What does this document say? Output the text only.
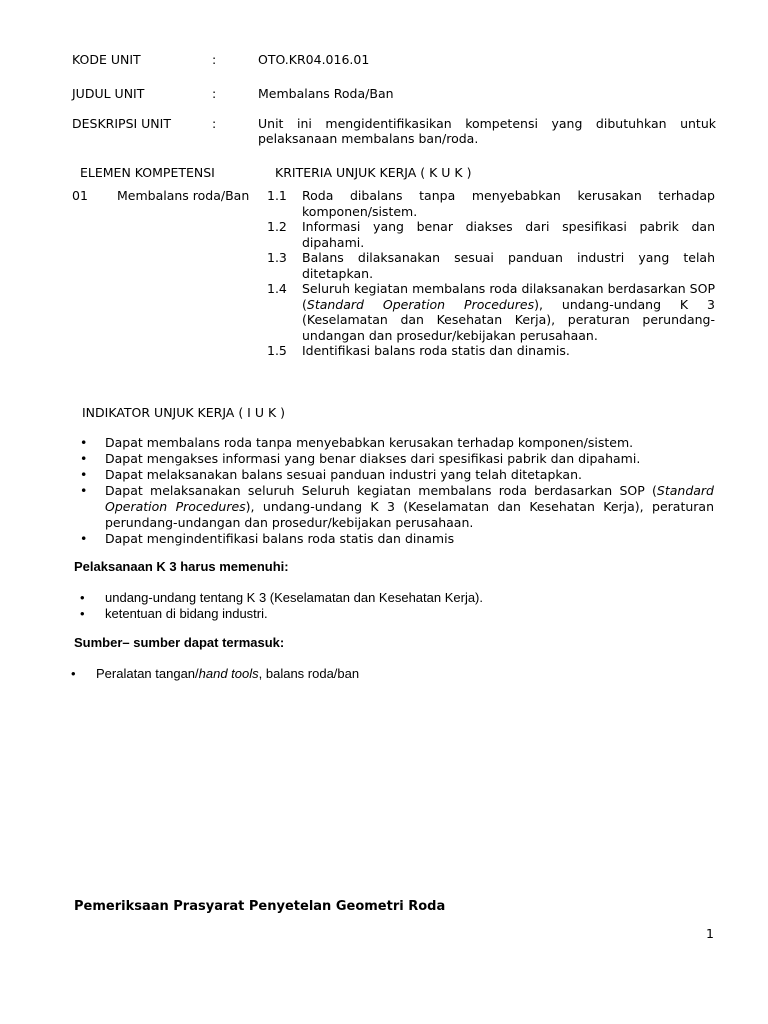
KODE UNIT	:	OTO.KR04.016.01
JUDUL UNIT	:	Membalans Roda/Ban
DESKRIPSI UNIT	:	Unit ini mengidentifikasikan kompetensi yang dibutuhkan untuk pelaksanaan membalans ban/roda.
ELEMEN KOMPETENSI	KRITERIA UNJUK KERJA ( K U K )
01 Membalans roda/Ban 1.1 Roda dibalans tanpa menyebabkan kerusakan terhadap komponen/sistem.
1.2 Informasi yang benar diakses dari spesifikasi pabrik dan dipahami.
1.3 Balans dilaksanakan sesuai panduan industri yang telah ditetapkan.
1.4 Seluruh kegiatan membalans roda dilaksanakan berdasarkan SOP (Standard Operation Procedures), undang-undang K 3 (Keselamatan dan Kesehatan Kerja), peraturan perundang-undangan dan prosedur/kebijakan perusahaan.
1.5 Identifikasi balans roda statis dan dinamis.
INDIKATOR UNJUK KERJA ( I U K )
• Dapat membalans roda tanpa menyebabkan kerusakan terhadap komponen/sistem.
• Dapat mengakses informasi yang benar diakses dari spesifikasi pabrik dan dipahami.
• Dapat melaksanakan balans sesuai panduan industri yang telah ditetapkan.
• Dapat melaksanakan seluruh Seluruh kegiatan membalans roda berdasarkan SOP (Standard Operation Procedures), undang-undang K 3 (Keselamatan dan Kesehatan Kerja), peraturan perundang-undangan dan prosedur/kebijakan perusahaan.
• Dapat mengindentifikasi balans roda statis dan dinamis
Pelaksanaan K 3 harus memenuhi:
• undang-undang tentang K 3 (Keselamatan dan Kesehatan Kerja).
• ketentuan di bidang industri.
Sumber– sumber dapat termasuk:
• Peralatan tangan/hand tools, balans roda/ban
Pemeriksaan Prasyarat Penyetelan Geometri Roda
1
